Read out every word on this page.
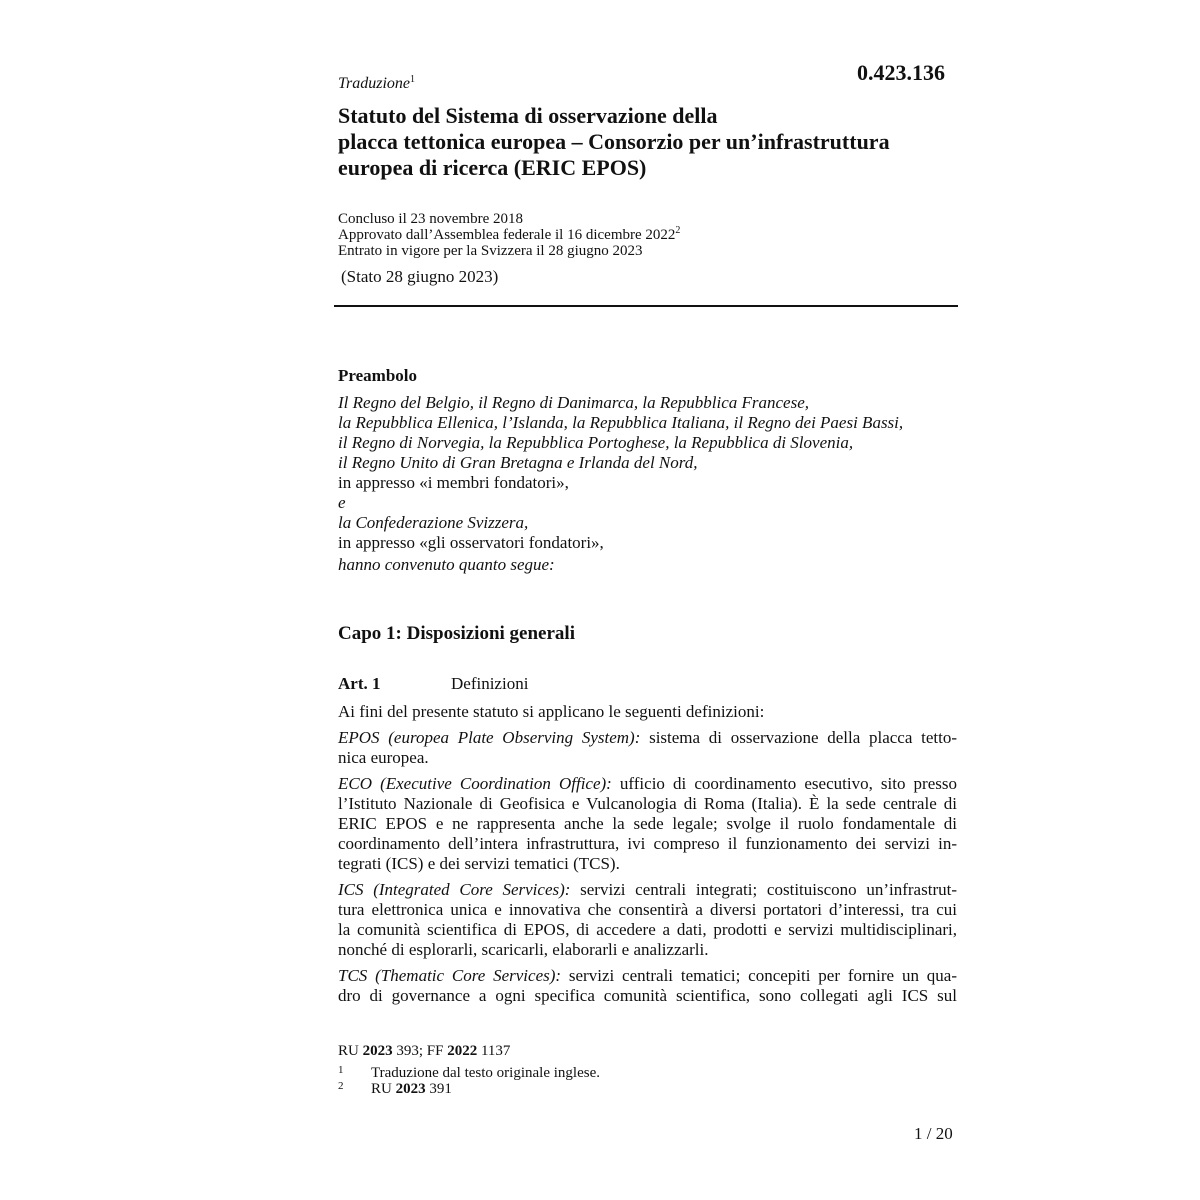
0.423.136
Traduzione$^1$
Statuto del Sistema di osservazione della
placca tettonica europea – Consorzio per un’infrastruttura
europea di ricerca (ERIC EPOS)
Concluso il 23 novembre 2018
Approvato dall’Assemblea federale il 16 dicembre 2022$^2$
Entrato in vigore per la Svizzera il 28 giugno 2023
(Stato 28 giugno 2023)
Preambolo
Il Regno del Belgio, il Regno di Danimarca, la Repubblica Francese,
la Repubblica Ellenica, l’Islanda, la Repubblica Italiana, il Regno dei Paesi Bassi,
il Regno di Norvegia, la Repubblica Portoghese, la Repubblica di Slovenia,
il Regno Unito di Gran Bretagna e Irlanda del Nord,
in appresso «i membri fondatori»,
e
la Confederazione Svizzera,
in appresso «gli osservatori fondatori»,
hanno convenuto quanto segue:
Capo 1: Disposizioni generali
Art. 1	Definizioni

Ai fini del presente statuto si applicano le seguenti definizioni:

EPOS (europea Plate Observing System): sistema di osservazione della placca tetto-
nica europea.

ECO (Executive Coordination Office): ufficio di coordinamento esecutivo, sito presso
l’Istituto Nazionale di Geofisica e Vulcanologia di Roma (Italia). È la sede centrale di
ERIC EPOS e ne rappresenta anche la sede legale; svolge il ruolo fondamentale di
coordinamento dell’intera infrastruttura, ivi compreso il funzionamento dei servizi in-
tegrati (ICS) e dei servizi tematici (TCS).

ICS (Integrated Core Services): servizi centrali integrati; costituiscono un’infrastrut-
tura elettronica unica e innovativa che consentirà a diversi portatori d’interessi, tra cui
la comunità scientifica di EPOS, di accedere a dati, prodotti e servizi multidisciplinari,
nonché di esplorarli, scaricarli, elaborarli e analizzarli.

TCS (Thematic Core Services): servizi centrali tematici; concepiti per fornire un qua-
dro di governance a ogni specifica comunità scientifica, sono collegati agli ICS sul

RU 2023 393; FF 2022 1137
1 Traduzione dal testo originale inglese.
2 RU 2023 391
1 / 20
